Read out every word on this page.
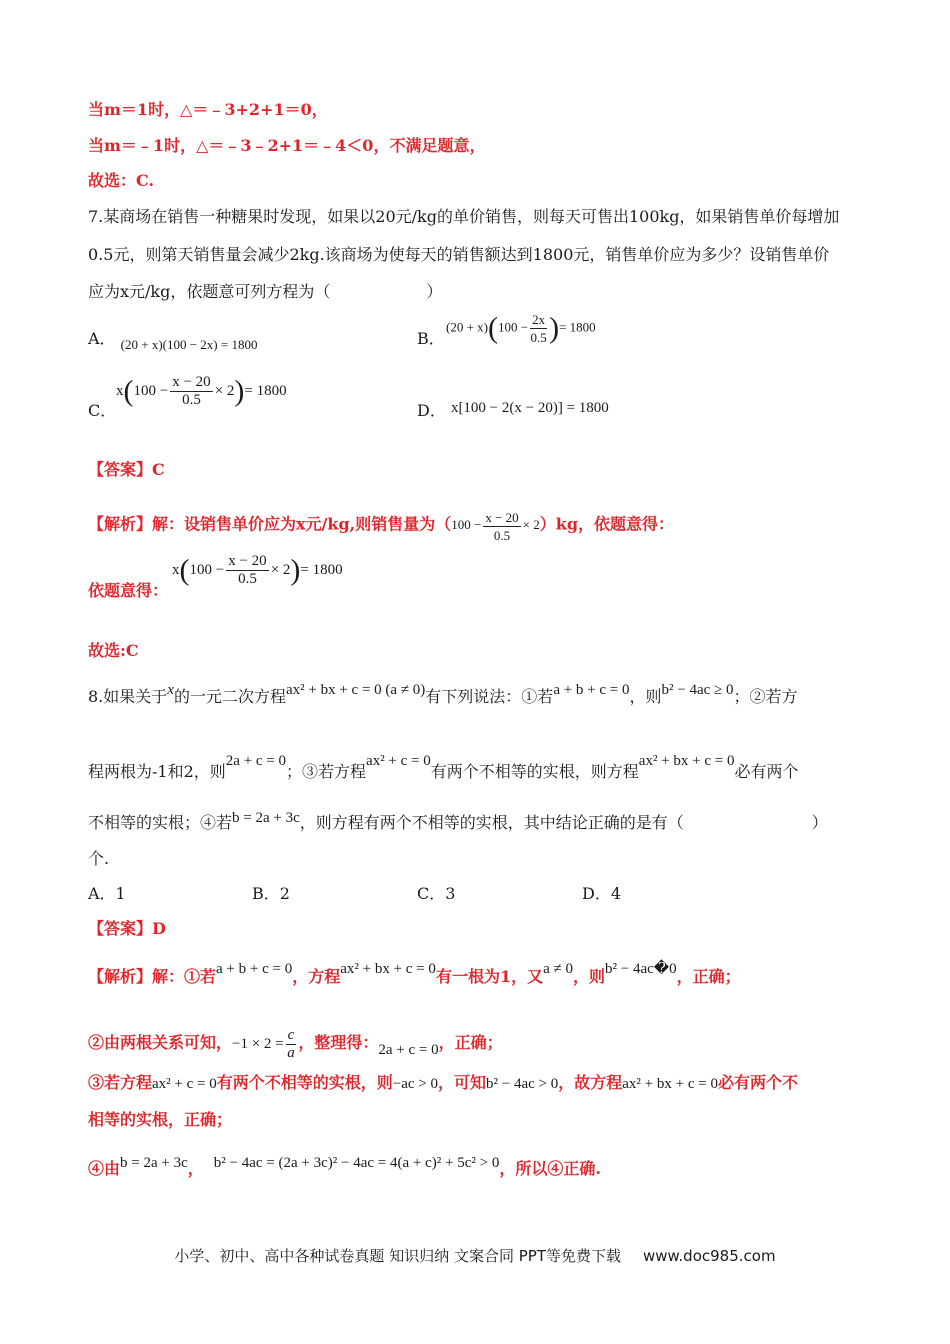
当m＝1时，△＝﹣3+2+1＝0，
当m＝﹣1时，△＝﹣3﹣2+1＝﹣4＜0，不满足题意，
故选：C.
7.某商场在销售一种糖果时发现，如果以20元/kg的单价销售，则每天可售出100kg，如果销售单价每增加
0.5元，则第天销售量会减少2kg.该商场为使每天的销售额达到1800元，销售单价应为多少？设销售单价
应为x元/kg，依题意可列方程为（　　　　　　）
A． $_{(20 + x)(100 - 2x) = 1800}$	B．
$(20 + x)(100 - \frac{2x}{0.5}$ )= 1800
C．
$x(100 - \frac{x - 20}{0.5} \times 2)= 1800$
D． x[100 − 2(x − 20)] = 1800
【答案】C
【解析】解：设销售单价应为x元/kg,则销售量为$(100 - \frac{x - 20}{0.5} \times 2)kg$，依题意得：
依题意得：
$x(100 - \frac{x - 20}{0.5} \times 2)= 1800$
故选:C
8.如果关于x的一元二次方程ax² + bx + c = 0 (a ≠ 0)有下列说法：①若a + b + c = 0，则b² − 4ac ≥ 0；②若方
程两根为-1和2，则2a + c = 0；③若方程ax² + c = 0有两个不相等的实根，则方程ax² + bx + c = 0必有两个
不相等的实根；④若b = 2a + 3c，则方程有两个不相等的实根，其中结论正确的是有（　　　　　　　　）
个.
A．1	B．2	C．3	D．4
【答案】D
【解析】解：①若a + b + c = 0，方程ax² + bx + c = 0有一根为1，又a ≠ 0，则b² − 4ac�0，正确；
②由两根关系可知，$-1 \times 2 = \frac{c}{a}$ ，整理得：2a + c = 0，正确；
③若方程ax² + c = 0有两个不相等的实根，则−ac > 0，可知b² − 4ac > 0，故方程ax² + bx + c = 0必有两个不
相等的实根，正确；
④由b = 2a + 3c， b² − 4ac = (2a + 3c)² − 4ac = 4(a + c)² + 5c² > 0，所以④正确.
小学、初中、高中各种试卷真题 知识归纳 文案合同 PPT等免费下载 www.doc985.com
